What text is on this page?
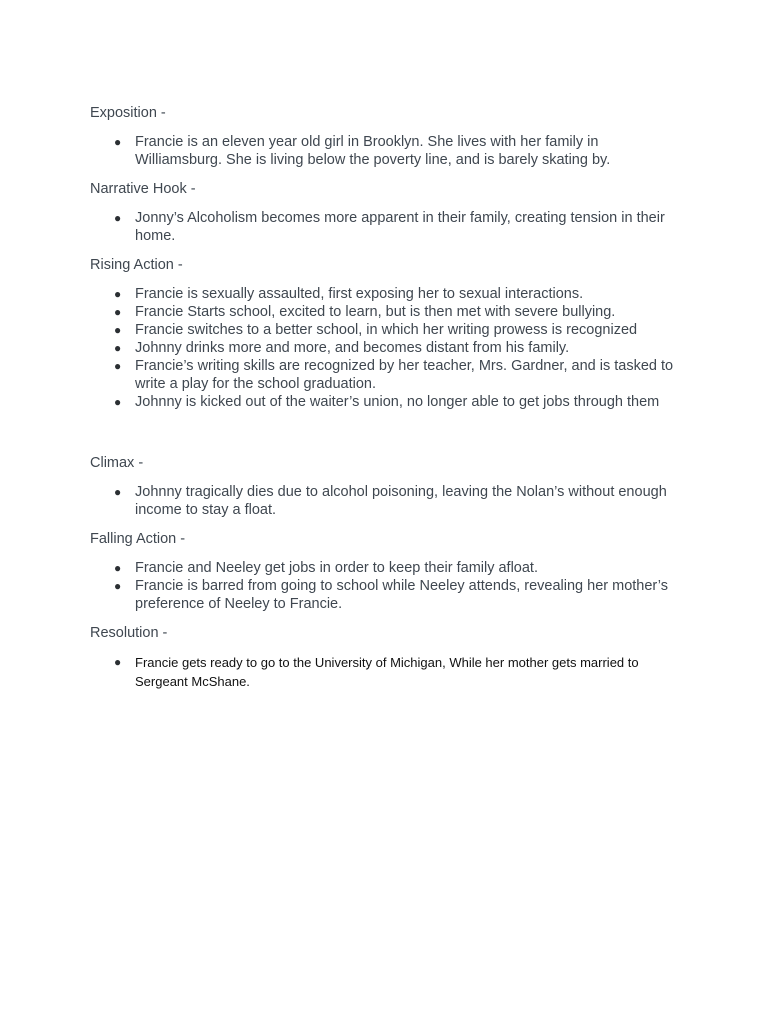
Exposition -

● Francie is an eleven year old girl in Brooklyn. She lives with her family in Williamsburg. She is living below the poverty line, and is barely skating by.

Narrative Hook -

● Jonny’s Alcoholism becomes more apparent in their family, creating tension in their home.

Rising Action -

● Francie is sexually assaulted, first exposing her to sexual interactions.
● Francie Starts school, excited to learn, but is then met with severe bullying.
● Francie switches to a better school, in which her writing prowess is recognized
● Johnny drinks more and more, and becomes distant from his family.
● Francie’s writing skills are recognized by her teacher, Mrs. Gardner, and is tasked to write a play for the school graduation.
● Johnny is kicked out of the waiter’s union, no longer able to get jobs through them

Climax -

● Johnny tragically dies due to alcohol poisoning, leaving the Nolan’s without enough income to stay a float.

Falling Action -

● Francie and Neeley get jobs in order to keep their family afloat.
● Francie is barred from going to school while Neeley attends, revealing her mother’s preference of Neeley to Francie.

Resolution -

● Francie gets ready to go to the University of Michigan, While her mother gets married to Sergeant McShane.
